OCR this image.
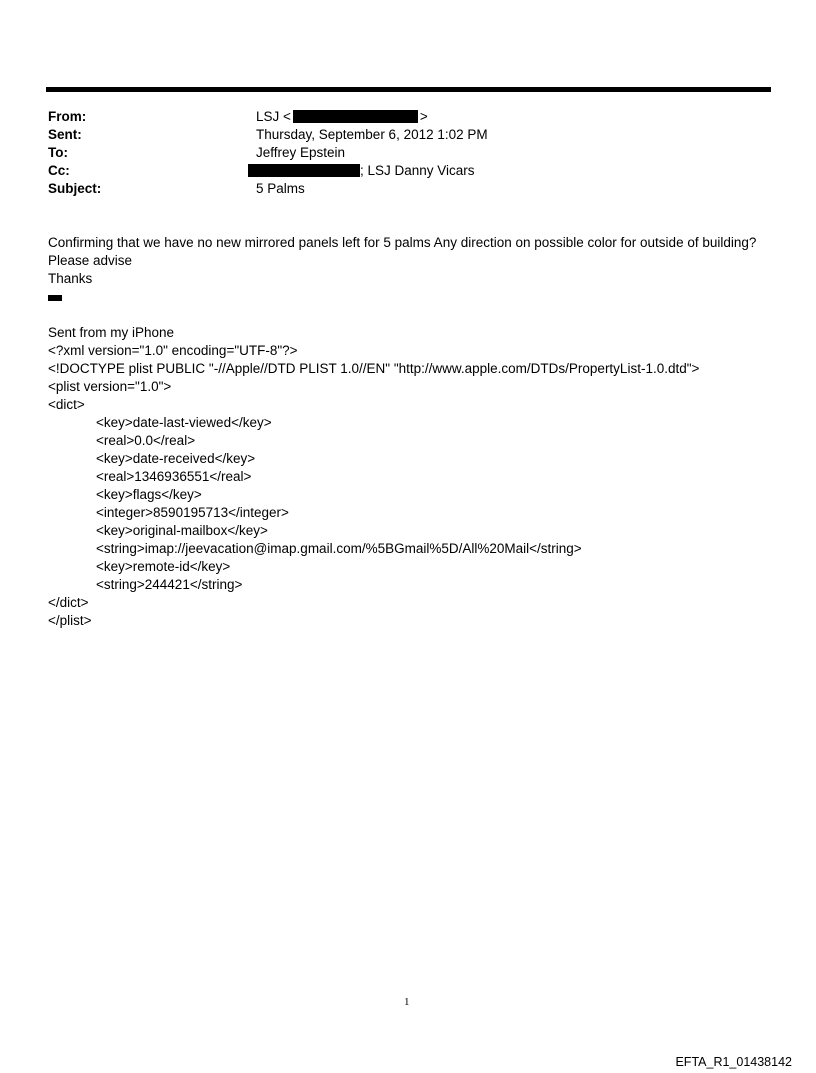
From:	LSJ <	>
Sent:	Thursday, September 6, 2012 1:02 PM
To:	Jeffrey Epstein
Cc:	; LSJ Danny Vicars
Subject:	5 Palms
Confirming that we have no new mirrored panels left for 5 palms Any direction on possible color for outside of building?
Please advise
Thanks
Sent from my iPhone
<?xml version="1.0" encoding="UTF-8"?>
<!DOCTYPE plist PUBLIC "-//Apple//DTD PLIST 1.0//EN" "http://www.apple.com/DTDs/PropertyList-1.0.dtd">
<plist version="1.0">
<dict>
<key>date-last-viewed</key>
<real>0.0</real>
<key>date-received</key>
<real>1346936551</real>
<key>flags</key>
<integer>8590195713</integer>
<key>original-mailbox</key>
<string>imap://jeevacation@imap.gmail.com/%5BGmail%5D/All%20Mail</string>
<key>remote-id</key>
<string>244421</string>
</dict>
</plist>
1
EFTA_R1_01438142
